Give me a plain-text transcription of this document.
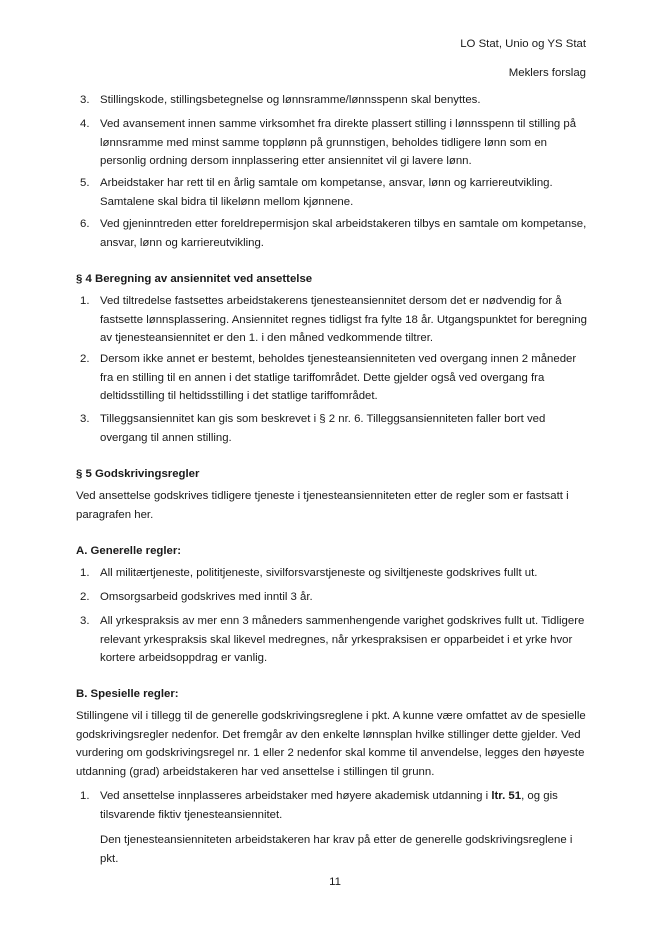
LO Stat, Unio og YS Stat
Meklers forslag
3. Stillingskode, stillingsbetegnelse og lønnsramme/lønnsspenn skal benyttes.
4. Ved avansement innen samme virksomhet fra direkte plassert stilling i lønnsspenn til stilling på lønnsramme med minst samme topplønn på grunnstigen, beholdes tidligere lønn som en personlig ordning dersom innplassering etter ansiennitet vil gi lavere lønn.
5. Arbeidstaker har rett til en årlig samtale om kompetanse, ansvar, lønn og karriereutvikling. Samtalene skal bidra til likelønn mellom kjønnene.
6. Ved gjeninntreden etter foreldrepermisjon skal arbeidstakeren tilbys en samtale om kompetanse, ansvar, lønn og karriereutvikling.
§ 4 Beregning av ansiennitet ved ansettelse
1. Ved tiltredelse fastsettes arbeidstakerens tjenesteansiennitet dersom det er nødvendig for å fastsette lønnsplassering. Ansiennitet regnes tidligst fra fylte 18 år. Utgangspunktet for beregning av tjenesteansiennitet er den 1. i den måned vedkommende tiltrer.
2. Dersom ikke annet er bestemt, beholdes tjenesteansienniteten ved overgang innen 2 måneder fra en stilling til en annen i det statlige tariffområdet. Dette gjelder også ved overgang fra deltidsstilling til heltidsstilling i det statlige tariffområdet.
3. Tilleggsansiennitet kan gis som beskrevet i § 2 nr. 6. Tilleggsansienniteten faller bort ved overgang til annen stilling.
§ 5 Godskrivingsregler
Ved ansettelse godskrives tidligere tjeneste i tjenesteansienniteten etter de regler som er fastsatt i paragrafen her.
A. Generelle regler:
1. All militærtjeneste, polititjeneste, sivilforsvarstjeneste og siviltjeneste godskrives fullt ut.
2. Omsorgsarbeid godskrives med inntil 3 år.
3. All yrkespraksis av mer enn 3 måneders sammenhengende varighet godskrives fullt ut. Tidligere relevant yrkespraksis skal likevel medregnes, når yrkespraksisen er opparbeidet i et yrke hvor kortere arbeidsoppdrag er vanlig.
B. Spesielle regler:
Stillingene vil i tillegg til de generelle godskrivingsreglene i pkt. A kunne være omfattet av de spesielle godskrivingsregler nedenfor. Det fremgår av den enkelte lønnsplan hvilke stillinger dette gjelder. Ved vurdering om godskrivingsregel nr. 1 eller 2 nedenfor skal komme til anvendelse, legges den høyeste utdanning (grad) arbeidstakeren har ved ansettelse i stillingen til grunn.
1. Ved ansettelse innplasseres arbeidstaker med høyere akademisk utdanning i ltr. 51, og gis tilsvarende fiktiv tjenesteansiennitet.
Den tjenesteansienniteten arbeidstakeren har krav på etter de generelle godskrivingsreglene i pkt.
11
